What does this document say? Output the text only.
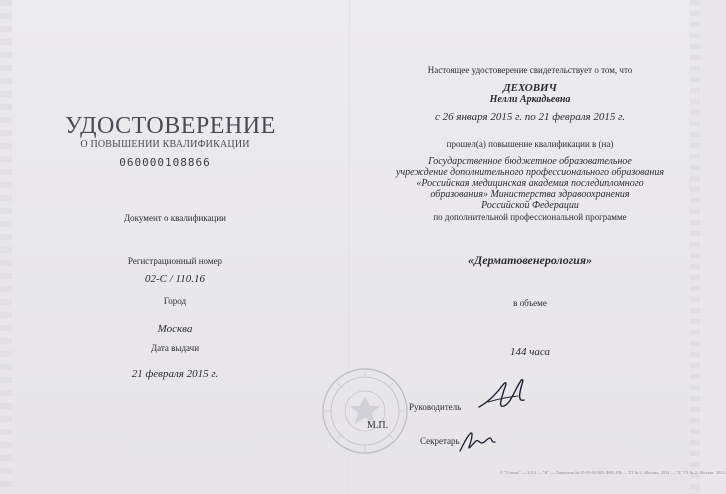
УДОСТОВЕРЕНИЕ
О ПОВЫШЕНИИ КВАЛИФИКАЦИИ
060000108866
Документ о квалификации
Регистрационный номер
02-С / 110.16
Город
Москва
Дата выдачи
21 февраля 2015 г.
Настоящее удостоверение свидетельствует о том, что
ДЕХОВИЧ
Нелли Аркадьевна
с 26 января 2015 г. по 21 февраля 2015 г.
прошел(а) повышение квалификации в (на)
Государственное бюджетное образовательное
учреждение дополнительного профессионального образования
«Российская медицинская академия последипломного
образования» Министерства здравоохранения
Российской Федерации
по дополнительной профессиональной программе
«Дерматовенерология»
в объеме
144 часа
Руководитель
М.П.
Секретарь
© "Гознак" — 2014 — "В" — Лицензия № 05-05-09/003 ФНС РФ — ТЗ № 2. Москва. 2014 — "Б" ТЗ № 2. Москва. 2014.
